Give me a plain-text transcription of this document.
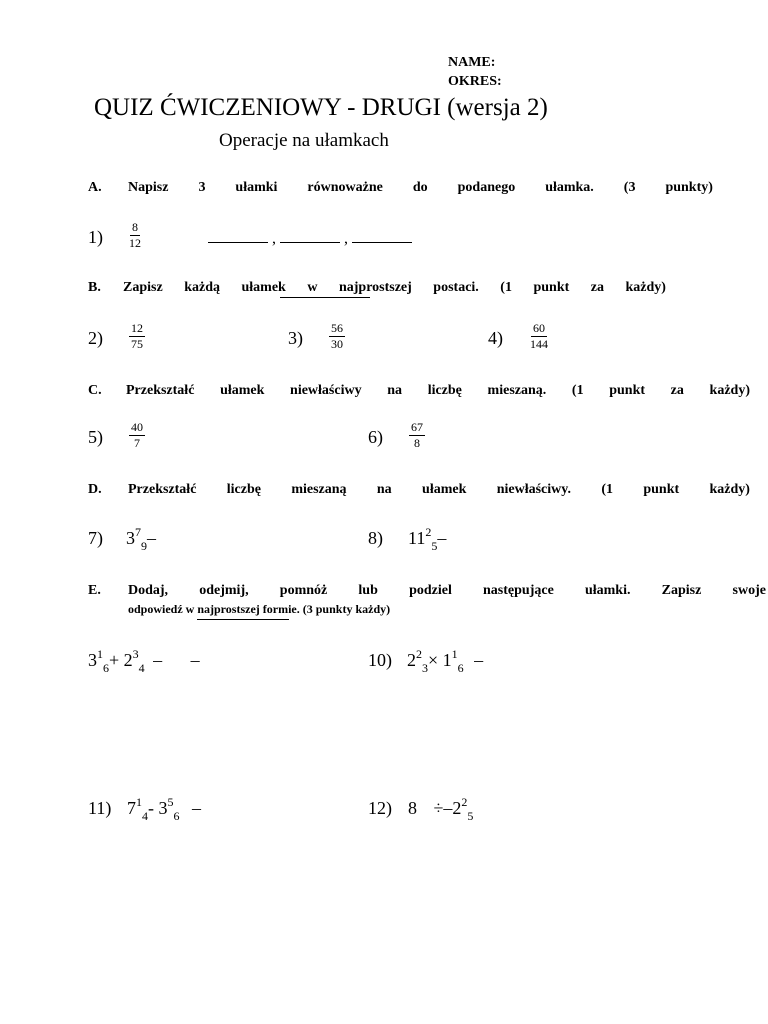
NAME:
OKRES:
QUIZ ĆWICZENIOWY - DRUGI (wersja 2)
Operacje na ułamkach
A. Napisz 3 ułamki równoważne do podanego ułamka. (3 punkty)
$1) \frac{8}{12}$	,	,
B. Zapisz każdą ułamek w najprostszej postaci. (1 punkt za każdy)
$2) \frac{12}{75}$	$3) \frac{56}{30}$	$4) \frac{60}{144}$
C. Przekształć ułamek niewłaściwy na liczbę mieszaną. (1 punkt za każdy)
$5) \frac{40}{7}$	$6) \frac{67}{8}$
D. Przekształć liczbę mieszaną na ułamek niewłaściwy. (1 punkt każdy)
7) $3^7_9-$	8) $11^2_5-$
E. Dodaj, odejmij, pomnóż lub podziel następujące ułamki. Zapisz swoje
odpowiedź w najprostszej formie. (3 punkty każdy)
$3^1_6+ 2^3_4$ – –	10) $2^2_3\times 1^1_6$ –
11) $7^1_4-$ $3^5_6$ –	12) $8 \div-2^2_5$
